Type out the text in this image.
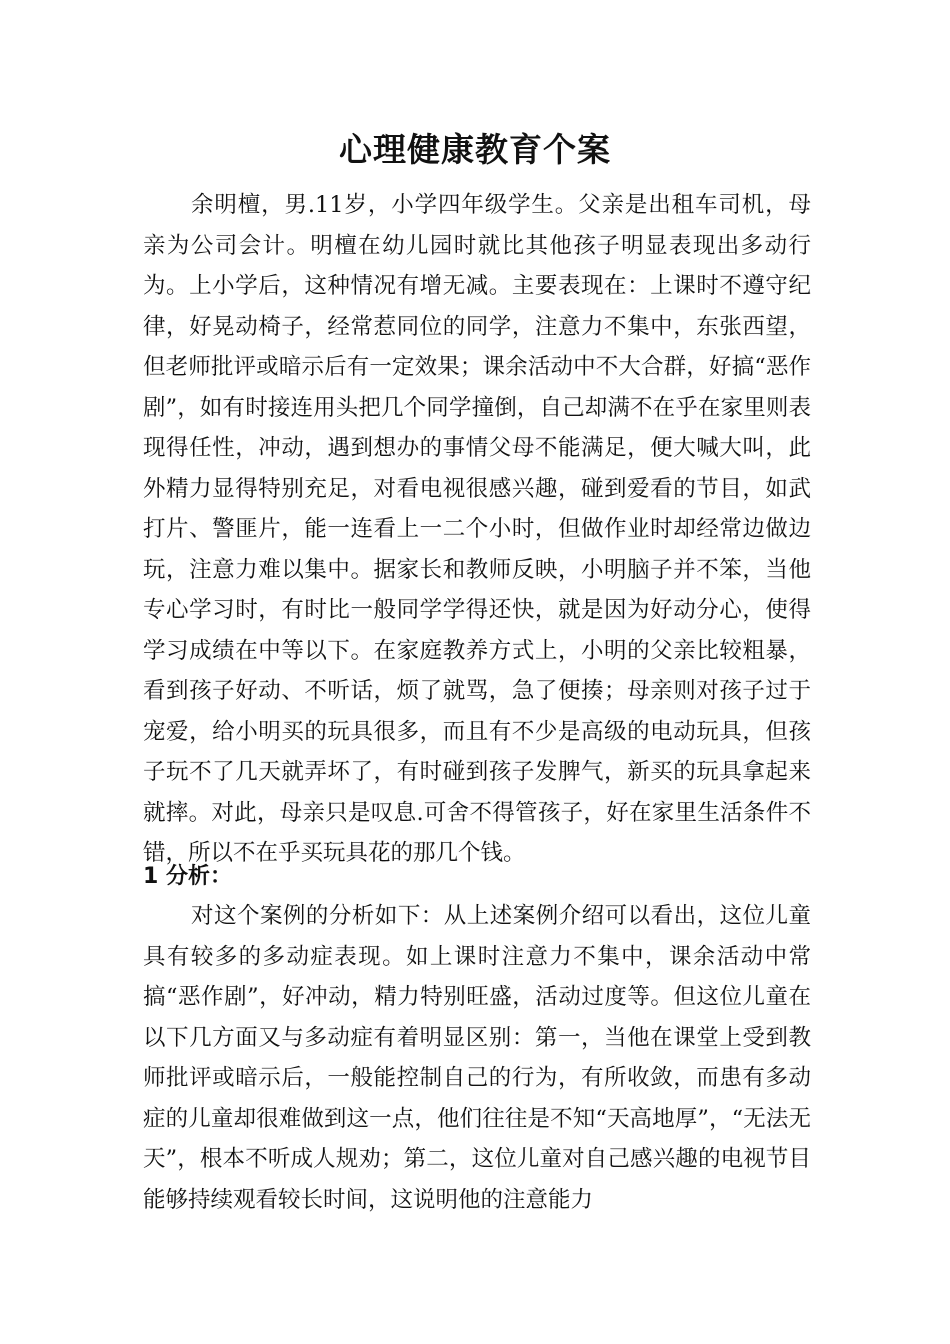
心理健康教育个案

余明檀，男.11岁，小学四年级学生。父亲是出租车司机，母亲为公司会计。明檀在幼儿园时就比其他孩子明显表现出多动行为。上小学后，这种情况有增无减。主要表现在：上课时不遵守纪律，好晃动椅子，经常惹同位的同学，注意力不集中，东张西望，但老师批评或暗示后有一定效果；课余活动中不大合群，好搞“恶作剧”，如有时接连用头把几个同学撞倒，自己却满不在乎在家里则表现得任性，冲动，遇到想办的事情父母不能满足，便大喊大叫，此外精力显得特别充足，对看电视很感兴趣，碰到爱看的节目，如武打片、警匪片，能一连看上一二个小时，但做作业时却经常边做边玩，注意力难以集中。据家长和教师反映，小明脑子并不笨，当他专心学习时，有时比一般同学学得还快，就是因为好动分心，使得学习成绩在中等以下。在家庭教养方式上，小明的父亲比较粗暴，看到孩子好动、不听话，烦了就骂，急了便揍；母亲则对孩子过于宠爱，给小明买的玩具很多，而且有不少是高级的电动玩具，但孩子玩不了几天就弄坏了，有时碰到孩子发脾气，新买的玩具拿起来就摔。对此，母亲只是叹息.可舍不得管孩子，好在家里生活条件不错，所以不在乎买玩具花的那几个钱。

1 分析：

对这个案例的分析如下：从上述案例介绍可以看出，这位儿童具有较多的多动症表现。如上课时注意力不集中，课余活动中常搞“恶作剧”，好冲动，精力特别旺盛，活动过度等。但这位儿童在以下几方面又与多动症有着明显区别：第一，当他在课堂上受到教师批评或暗示后，一般能控制自己的行为，有所收敛，而患有多动症的儿童却很难做到这一点，他们往往是不知“天高地厚”，“无法无天”，根本不听成人规劝；第二，这位儿童对自己感兴趣的电视节目能够持续观看较长时间，这说明他的注意能力
